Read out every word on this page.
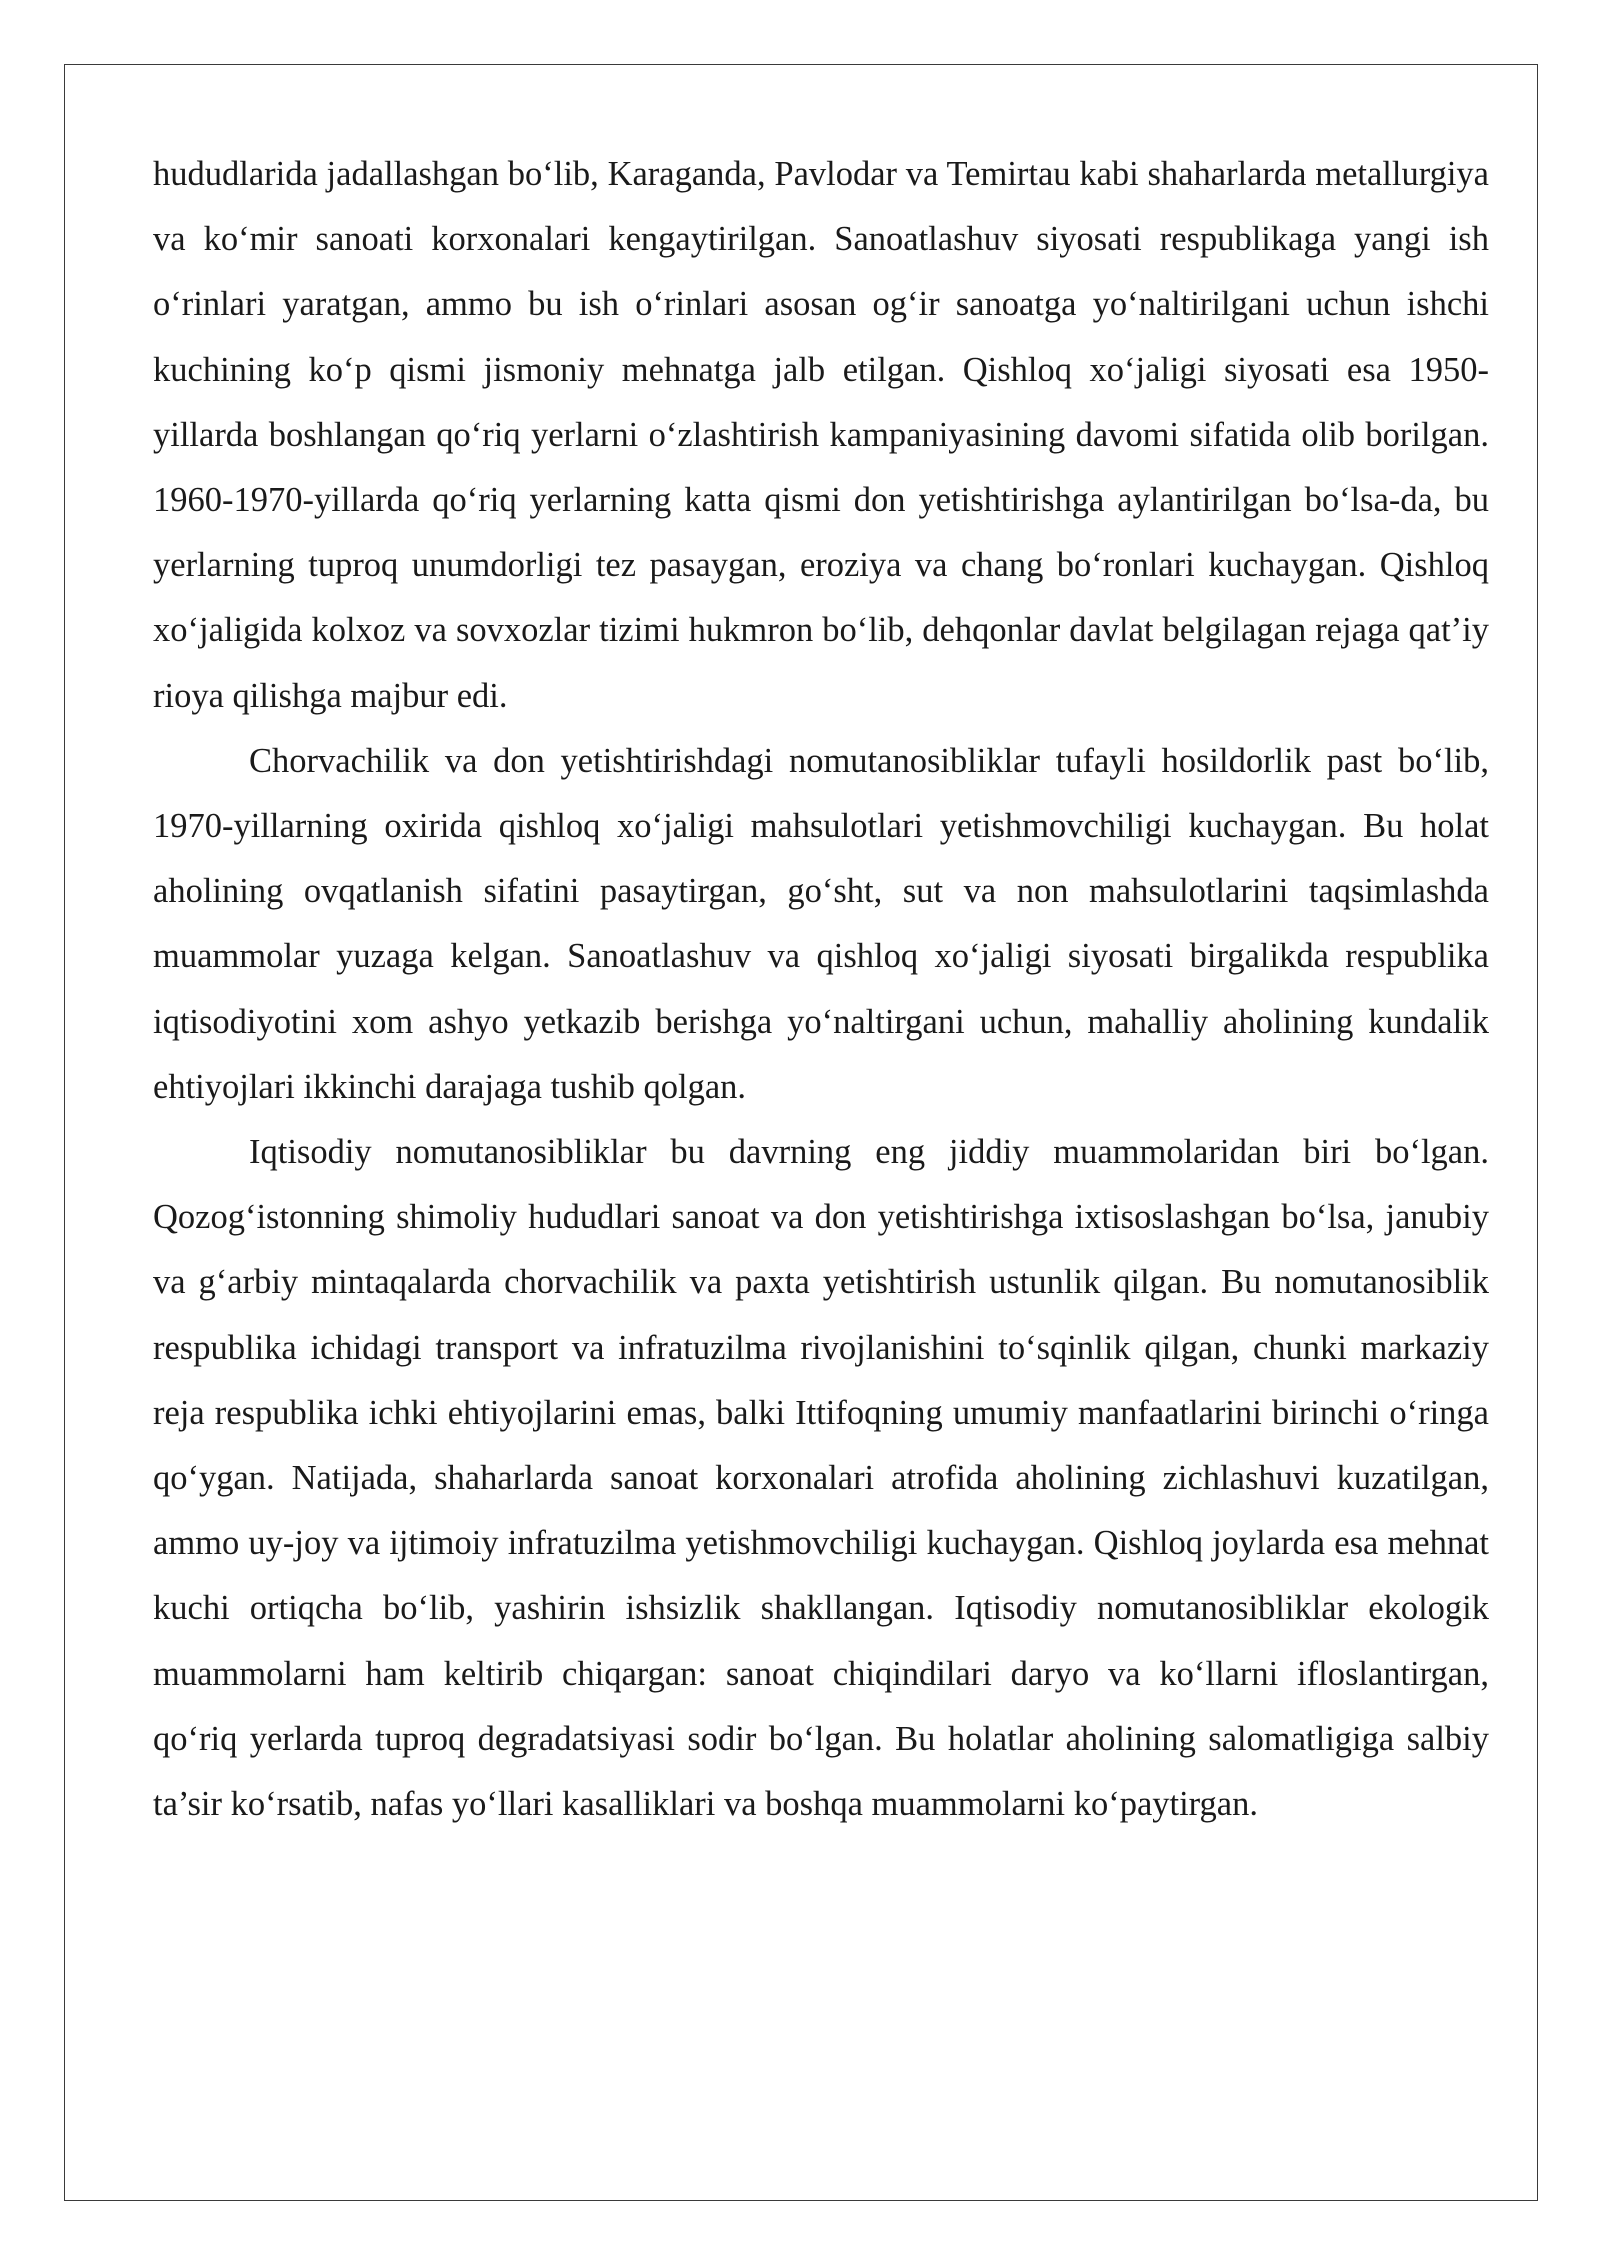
hududlarida jadallashgan bo‘lib, Karaganda, Pavlodar va Temirtau kabi shaharlarda metallurgiya va ko‘mir sanoati korxonalari kengaytirilgan. Sanoatlashuv siyosati respublikaga yangi ish o‘rinlari yaratgan, ammo bu ish o‘rinlari asosan og‘ir sanoatga yo‘naltirilgani uchun ishchi kuchining ko‘p qismi jismoniy mehnatga jalb etilgan. Qishloq xo‘jaligi siyosati esa 1950-yillarda boshlangan qo‘riq yerlarni o‘zlashtirish kampaniyasining davomi sifatida olib borilgan. 1960-1970-yillarda qo‘riq yerlarning katta qismi don yetishtirishga aylantirilgan bo‘lsa-da, bu yerlarning tuproq unumdorligi tez pasaygan, eroziya va chang bo‘ronlari kuchaygan. Qishloq xo‘jaligida kolxoz va sovxozlar tizimi hukmron bo‘lib, dehqonlar davlat belgilagan rejaga qat’iy rioya qilishga majbur edi.

Chorvachilik va don yetishtirishdagi nomutanosibliklar tufayli hosildorlik past bo‘lib, 1970-yillarning oxirida qishloq xo‘jaligi mahsulotlari yetishmovchiligi kuchaygan. Bu holat aholining ovqatlanish sifatini pasaytirgan, go‘sht, sut va non mahsulotlarini taqsimlashda muammolar yuzaga kelgan. Sanoatlashuv va qishloq xo‘jaligi siyosati birgalikda respublika iqtisodiyotini xom ashyo yetkazib berishga yo‘naltirgani uchun, mahalliy aholining kundalik ehtiyojlari ikkinchi darajaga tushib qolgan.

Iqtisodiy nomutanosibliklar bu davrning eng jiddiy muammolaridan biri bo‘lgan. Qozog‘istonning shimoliy hududlari sanoat va don yetishtirishga ixtisoslashgan bo‘lsa, janubiy va g‘arbiy mintaqalarda chorvachilik va paxta yetishtirish ustunlik qilgan. Bu nomutanosiblik respublika ichidagi transport va infratuzilma rivojlanishini to‘sqinlik qilgan, chunki markaziy reja respublika ichki ehtiyojlarini emas, balki Ittifoqning umumiy manfaatlarini birinchi o‘ringa qo‘ygan. Natijada, shaharlarda sanoat korxonalari atrofida aholining zichlashuvi kuzatilgan, ammo uy-joy va ijtimoiy infratuzilma yetishmovchiligi kuchaygan. Qishloq joylarda esa mehnat kuchi ortiqcha bo‘lib, yashirin ishsizlik shakllangan. Iqtisodiy nomutanosibliklar ekologik muammolarni ham keltirib chiqargan: sanoat chiqindilari daryo va ko‘llarni ifloslantirgan, qo‘riq yerlarda tuproq degradatsiyasi sodir bo‘lgan. Bu holatlar aholining salomatligiga salbiy ta’sir ko‘rsatib, nafas yo‘llari kasalliklari va boshqa muammolarni ko‘paytirgan.
